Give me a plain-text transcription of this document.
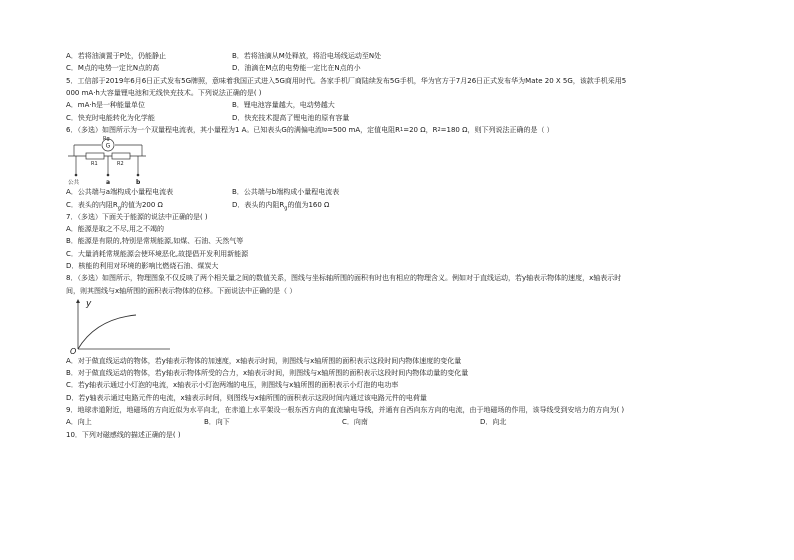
A．若将油滴置于P处，仍能静止	B．若将油滴从M处释放，将沿电场线运动至N处
C．M点的电势一定比N点的高	D．油滴在M点的电势能一定比在N点的小
5．工信部于2019年6月6日正式发布5G牌照，意味着我国正式进入5G商用时代。各家手机厂商陆续发布5G手机，华为官方于7月26日正式发布华为Mate 20 X 5G，该款手机采用5
000 mA·h大容量锂电池和无线快充技术。下列说法正确的是( )
A．mA·h是一种能量单位	B．锂电池容量越大，电动势越大
C．快充时电能转化为化学能	D．快充技术提高了锂电池的原有容量
6．（多选）如图所示为一个双量程电流表，其小量程为1 A。已知表头G的满偏电流I g =500 mA，定值电阻R 1 =20 Ω，R 2 =180 Ω，则下列说法正确的是（ ）
G
Rg
R1	R2
公共	a	b
A．公共端与a端构成小量程电流表	B．公共端与b端构成小量程电流表
C．表头的内阻$R_g$的值为200 Ω	D．表头的内阻$R_g$的值为160 Ω
7．（多选）下面关于能源的说法中正确的是( )
A．能源是取之不尽,用之不竭的
B．能源是有限的,特别是常规能源,如煤、石油、天然气等
C．大量消耗常规能源会使环境恶化,故提倡开发利用新能源
D．核能的利用对环境的影响比燃烧石油、煤炭大
8．（多选）如图所示，物理图象不仅反映了两个相关量之间的数值关系，图线与坐标轴所围的面积有时也有相应的物理含义。例如对于直线运动，若y轴表示物体的速度，x轴表示时
间，则其图线与x轴所围的面积表示物体的位移。下面说法中正确的是（ ）
y
O
A．对于做直线运动的物体，若y轴表示物体的加速度，x轴表示时间，则图线与x轴所围的面积表示这段时间内物体速度的变化量
B．对于做直线运动的物体，若y轴表示物体所受的合力，x轴表示时间，则图线与x轴所围的面积表示这段时间内物体动量的变化量
C．若y轴表示通过小灯泡的电流，x轴表示小灯泡两端的电压，则图线与x轴所围的面积表示小灯泡的电功率
D．若y轴表示通过电路元件的电流，x轴表示时间，则图线与x轴所围的面积表示这段时间内通过该电路元件的电荷量
9．地球赤道附近，地磁场的方向近似为水平向北，在赤道上水平架设一根东西方向的直流输电导线，并通有自西向东方向的电流，由于地磁场的作用，该导线受到安培力的方向为( )
A．向上	B．向下	C．向南	D．向北
10．下列对磁感线的描述正确的是( )
